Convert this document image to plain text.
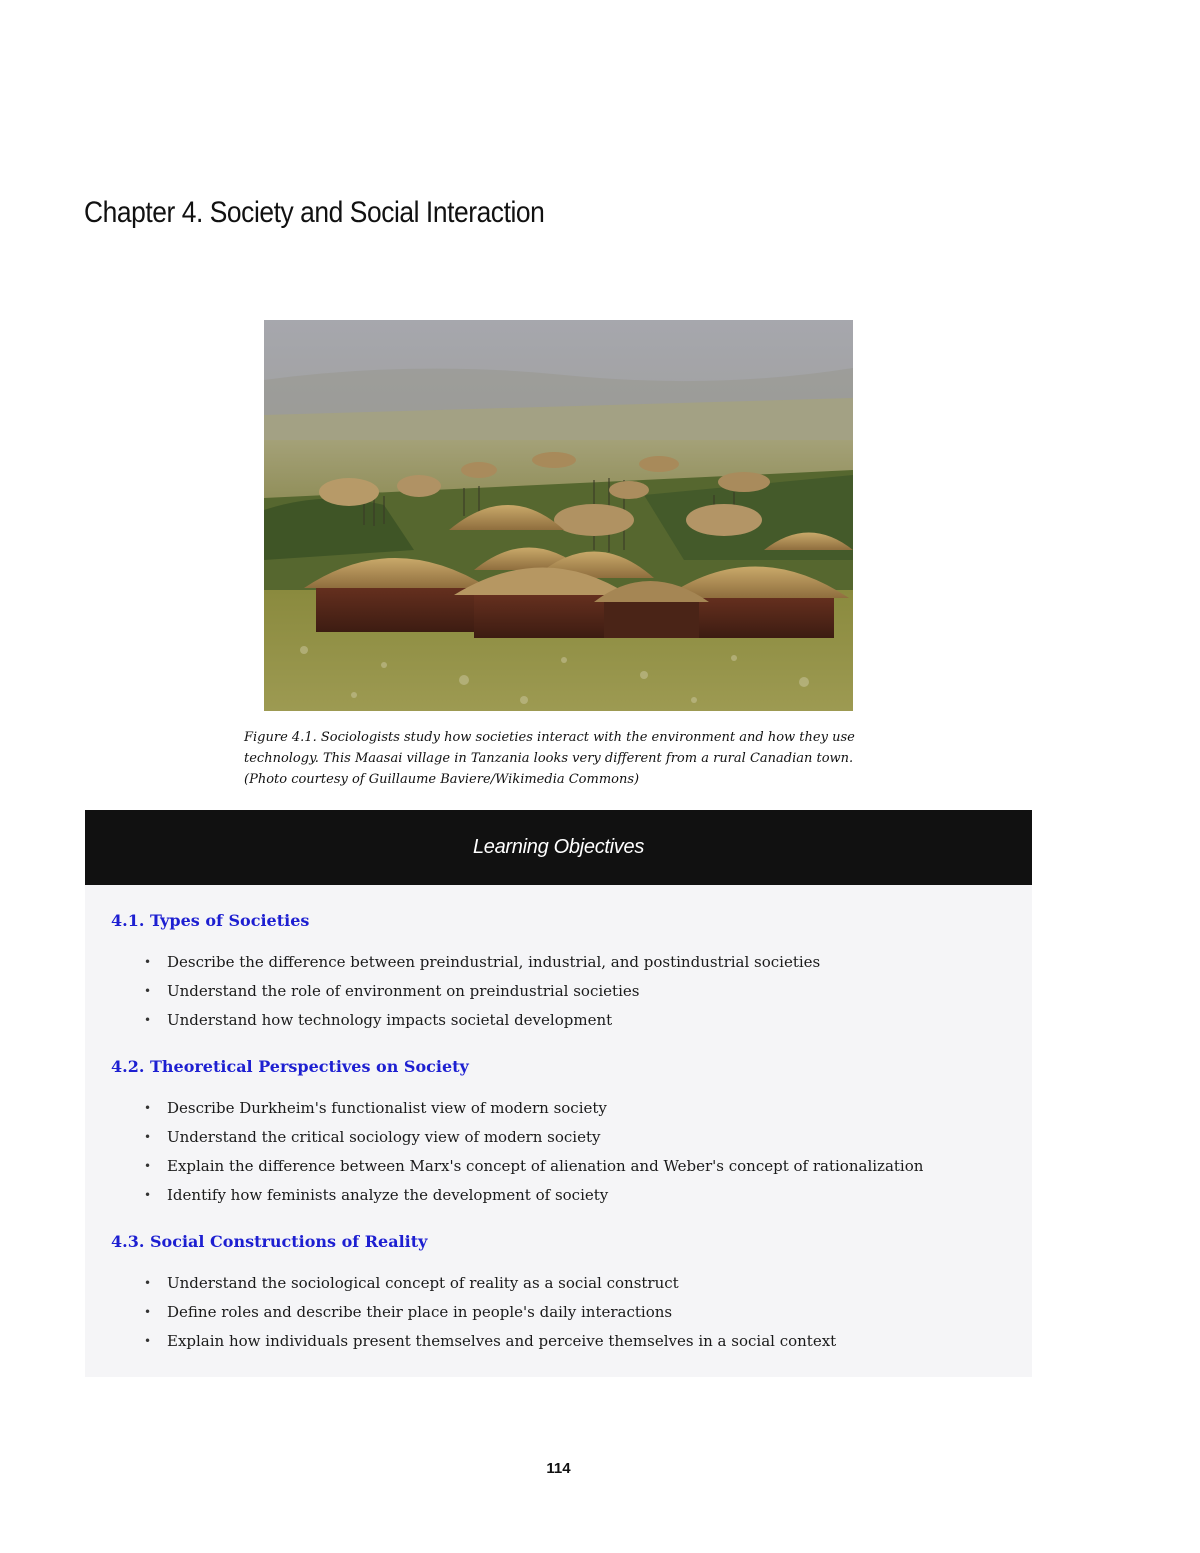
Chapter 4. Society and Social Interaction

Figure 4.1. Sociologists study how societies interact with the environment and how they use technology. This Maasai village in Tanzania looks very different from a rural Canadian town. (Photo courtesy of Guillaume Baviere/Wikimedia Commons)

Learning Objectives
4.1. Types of Societies
• Describe the difference between preindustrial, industrial, and postindustrial societies
• Understand the role of environment on preindustrial societies
• Understand how technology impacts societal development
4.2. Theoretical Perspectives on Society
• Describe Durkheim's functionalist view of modern society
• Understand the critical sociology view of modern society
• Explain the difference between Marx's concept of alienation and Weber's concept of rationalization
• Identify how feminists analyze the development of society
4.3. Social Constructions of Reality
• Understand the sociological concept of reality as a social construct
• Define roles and describe their place in people's daily interactions
• Explain how individuals present themselves and perceive themselves in a social context
114
